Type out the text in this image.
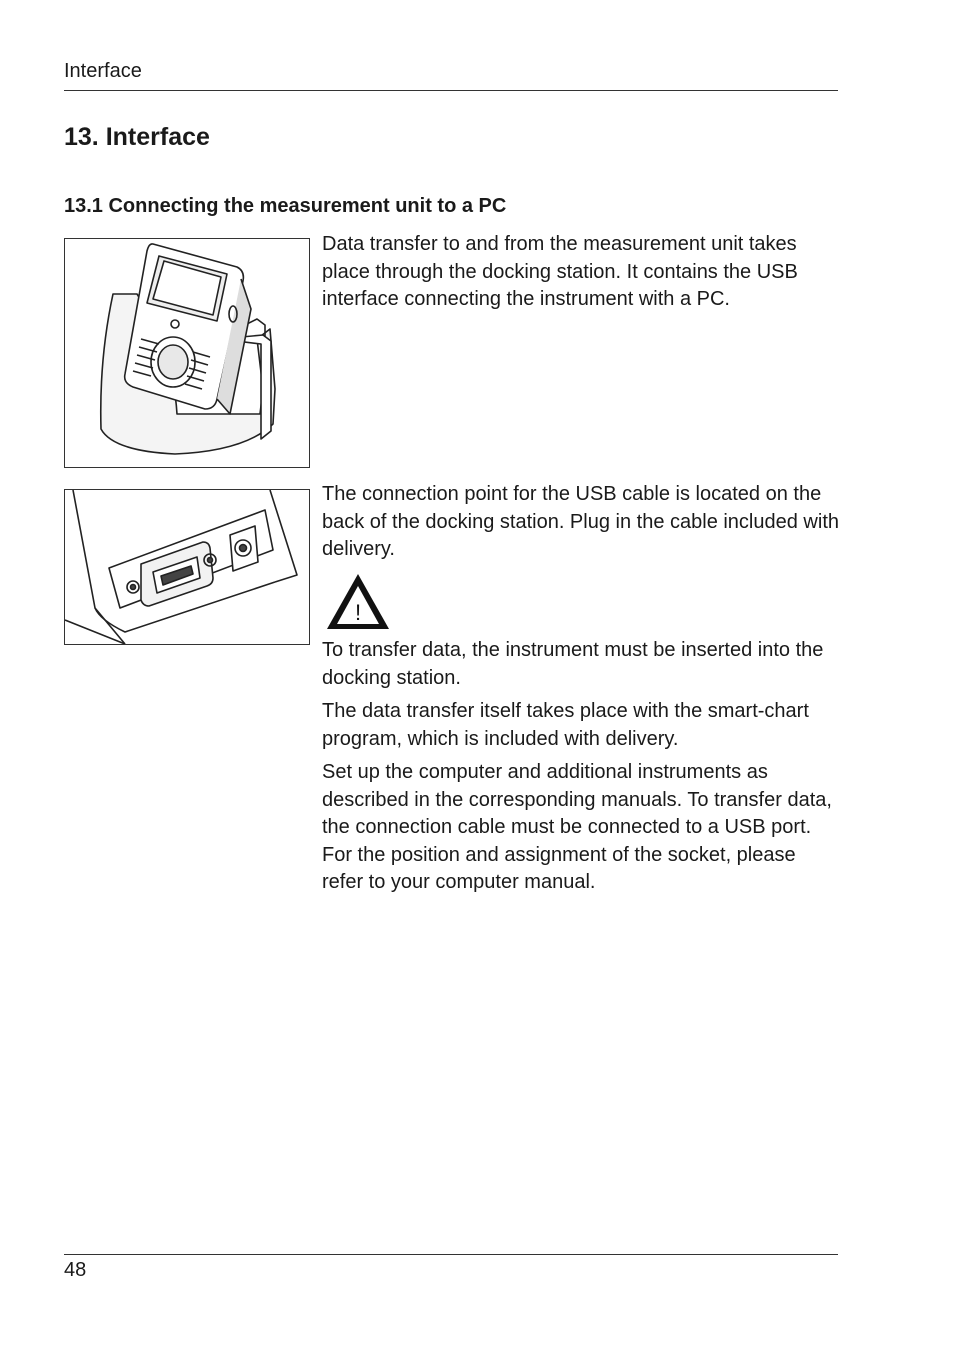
Interface
13. Interface
13.1 Connecting the measurement unit to a PC

Data transfer to and from the measurement unit takes place through the docking station. It contains the USB interface connecting the instrument with a PC.

The connection point for the USB cable is located on the back of the docking station. Plug in the cable included with delivery.

!

To transfer data, the instrument must be inserted into the docking station.

The data transfer itself takes place with the smart-chart program, which is included with delivery.

Set up the computer and additional instruments as described in the corresponding manuals. To transfer data, the connection cable must be connected to a USB port. For the position and assignment of the socket, please refer to your computer manual.

48
